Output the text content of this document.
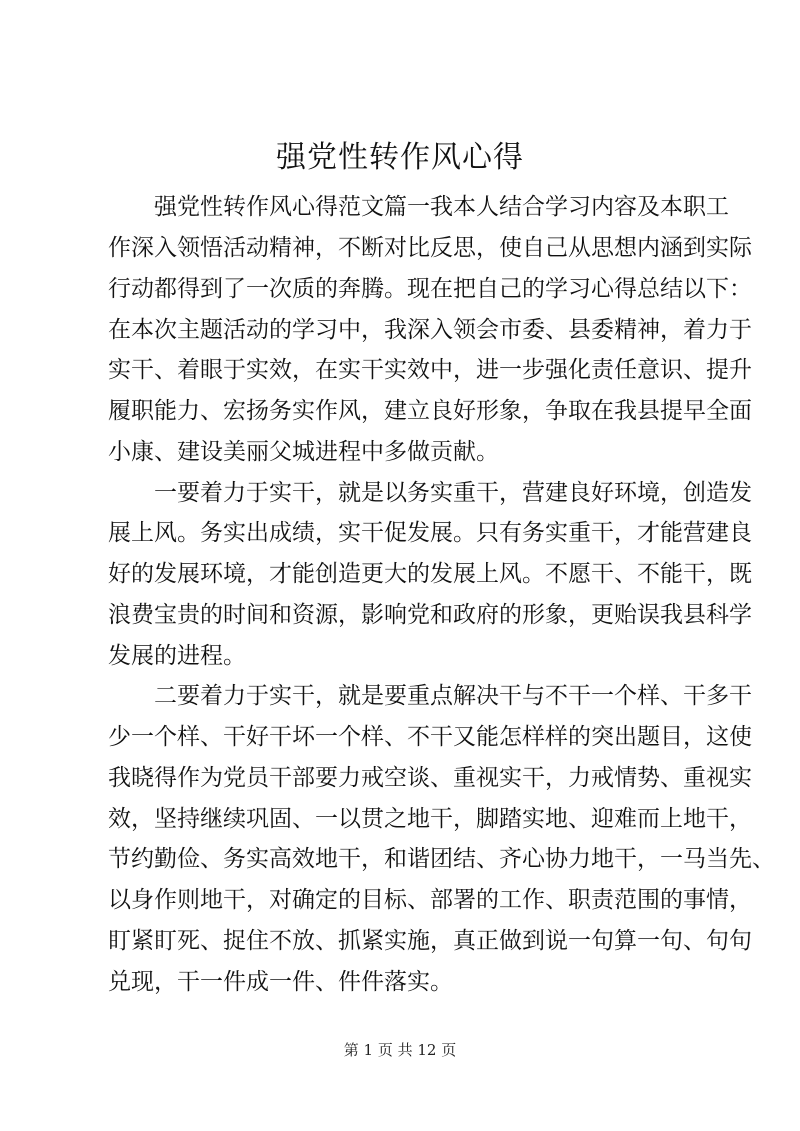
强党性转作风心得
　　强党性转作风心得范文篇一我本人结合学习内容及本职工
作深入领悟活动精神，不断对比反思，使自己从思想内涵到实际
行动都得到了一次质的奔腾。现在把自己的学习心得总结以下：
在本次主题活动的学习中，我深入领会市委、县委精神，着力于
实干、着眼于实效，在实干实效中，进一步强化责任意识、提升
履职能力、宏扬务实作风，建立良好形象，争取在我县提早全面
小康、建设美丽父城进程中多做贡献。
　　一要着力于实干，就是以务实重干，营建良好环境，创造发
展上风。务实出成绩，实干促发展。只有务实重干，才能营建良
好的发展环境，才能创造更大的发展上风。不愿干、不能干，既
浪费宝贵的时间和资源，影响党和政府的形象，更贻误我县科学
发展的进程。
　　二要着力于实干，就是要重点解决干与不干一个样、干多干
少一个样、干好干坏一个样、不干又能怎样样的突出题目，这使
我晓得作为党员干部要力戒空谈、重视实干，力戒情势、重视实
效，坚持继续巩固、一以贯之地干，脚踏实地、迎难而上地干，
节约勤俭、务实高效地干，和谐团结、齐心协力地干，一马当先、
以身作则地干，对确定的目标、部署的工作、职责范围的事情，
盯紧盯死、捉住不放、抓紧实施，真正做到说一句算一句、句句
兑现，干一件成一件、件件落实。
第 1 页 共 12 页
